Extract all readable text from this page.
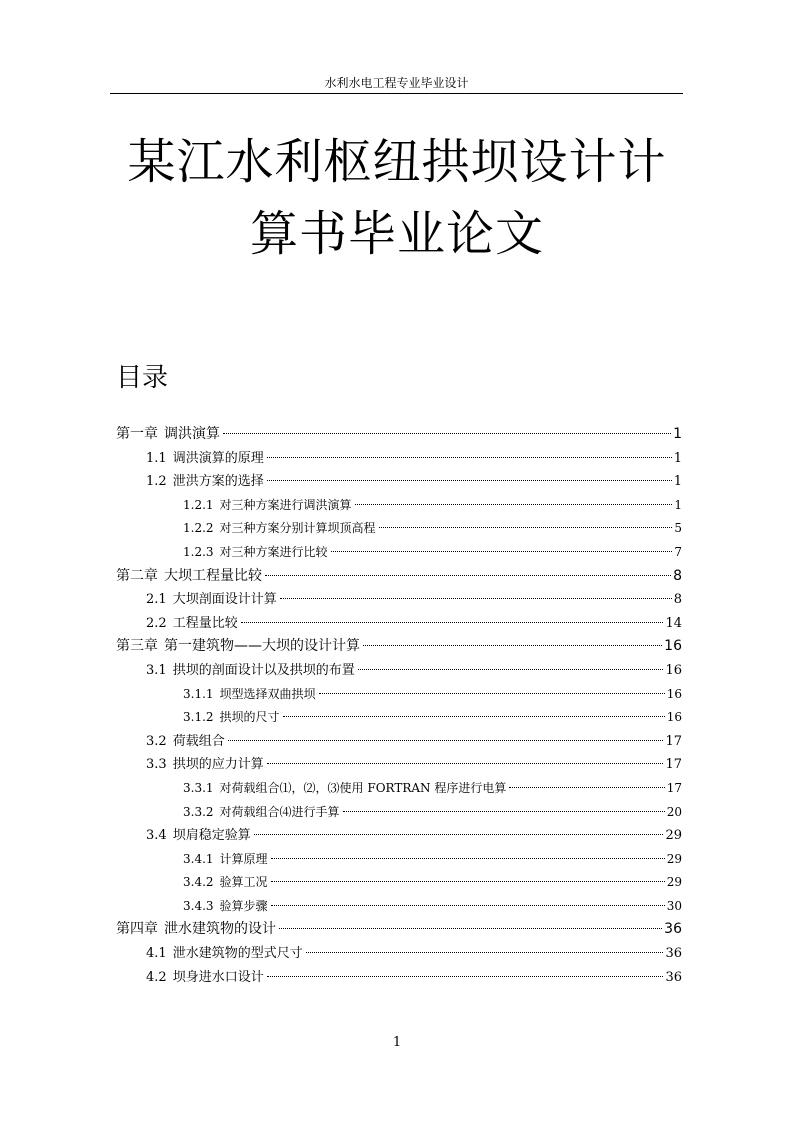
水利水电工程专业毕业设计
某江水利枢纽拱坝设计计
算书毕业论文
目录
第一章 调洪演算	1
1.1 调洪演算的原理	1
1.2 泄洪方案的选择	1
1.2.1 对三种方案进行调洪演算	1
1.2.2 对三种方案分别计算坝顶高程	5
1.2.3 对三种方案进行比较	7
第二章 大坝工程量比较	8
2.1 大坝剖面设计计算	8
2.2 工程量比较	14
第三章 第一建筑物——大坝的设计计算	16
3.1 拱坝的剖面设计以及拱坝的布置	16
3.1.1 坝型选择双曲拱坝	16
3.1.2 拱坝的尺寸	16
3.2 荷载组合	17
3.3 拱坝的应力计算	17
3.3.1 对荷载组合⑴，⑵，⑶使用 FORTRAN 程序进行电算	17
3.3.2 对荷载组合⑷进行手算	20
3.4 坝肩稳定验算	29
3.4.1 计算原理	29
3.4.2 验算工况	29
3.4.3 验算步骤	30
第四章 泄水建筑物的设计	36
4.1 泄水建筑物的型式尺寸	36
4.2 坝身进水口设计	36
1
